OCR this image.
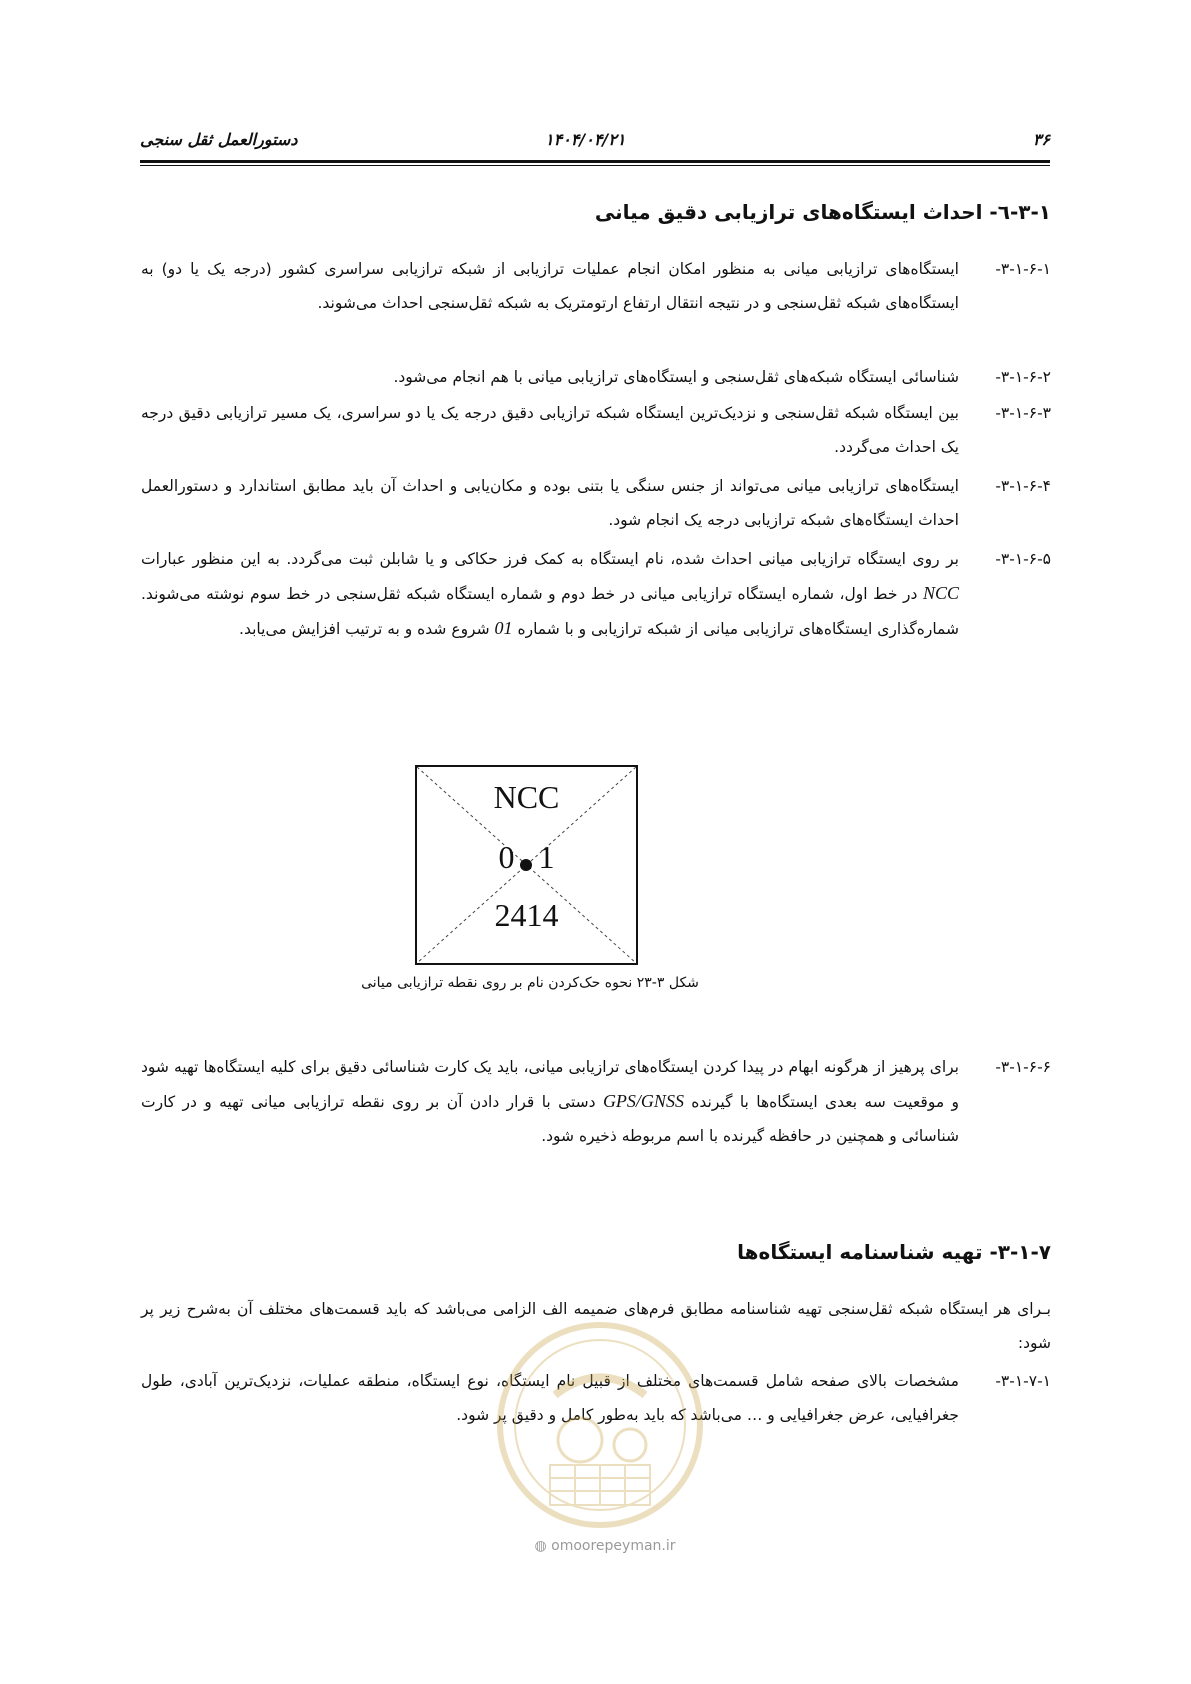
۳۶
۱۴۰۴/۰۴/۲۱
دستورالعمل ثقل سنجی
۳-۱-٦- احداث ایستگاه‌های ترازیابی دقیق میانی
۳-۱-۶-۱-
ایستگاه‌های ترازیابی میانی به منظور امکان انجام عملیات ترازیابی از شبکه ترازیابی سراسری کشور (درجه یک یا دو) به ایستگاه‌های شبکه ثقل‌سنجی و در نتیجه انتقال ارتفاع ارتومتریک به شبکه ثقل‌سنجی احداث می‌شوند.
۳-۱-۶-۲-
شناسائی ایستگاه شبکه‌های ثقل‌سنجی و ایستگاه‌های ترازیابی میانی با هم انجام می‌شود.
۳-۱-۶-۳-
بین ایستگاه شبکه ثقل‌سنجی و نزدیک‌ترین ایستگاه شبکه ترازیابی دقیق درجه یک یا دو سراسری، یک مسیر ترازیابی دقیق درجه یک احداث می‌گردد.
۳-۱-۶-۴-
ایستگاه‌های ترازیابی میانی می‌تواند از جنس سنگی یا بتنی بوده و مکان‌یابی و احداث آن باید مطابق استاندارد و دستورالعمل احداث ایستگاه‌های شبکه ترازیابی درجه یک انجام شود.
۳-۱-۶-۵-
بر روی ایستگاه ترازیابی میانی احداث شده، نام ایستگاه به کمک فرز حکاکی و یا شابلن ثبت می‌گردد. به این منظور عبارات NCC در خط اول، شماره ایستگاه ترازیابی میانی در خط دوم و شماره ایستگاه شبکه ثقل‌سنجی در خط سوم نوشته می‌شوند. شماره‌گذاری ایستگاه‌های ترازیابی میانی از شبکه ترازیابی و با شماره 01 شروع شده و به ترتیب افزایش می‌یابد.
NCC
0 1
2414
شکل ۳-۲۳ نحوه حک‌کردن نام بر روی نقطه ترازیابی میانی
۳-۱-۶-۶-
برای پرهیز از هرگونه ابهام در پیدا کردن ایستگاه‌های ترازیابی میانی، باید یک کارت شناسائی دقیق برای کلیه ایستگاه‌ها تهیه شود و موقعیت سه بعدی ایستگاه‌ها با گیرنده GPS/GNSS دستی با قرار دادن آن بر روی نقطه ترازیابی میانی تهیه و در کارت شناسائی و همچنین در حافظه گیرنده با اسم مربوطه ذخیره شود.
۳-۱-۷- تهیه شناسنامه ایستگاه‌ها
بـرای هر ایستگاه شبکه ثقل‌سنجی تهیه شناسنامه مطابق فرم‌های ضمیمه الف الزامی می‌باشد که باید قسمت‌های مختلف آن به‌شرح زیر پر شود:
۳-۱-۷-۱-
مشخصات بالای صفحه شامل قسمت‌های مختلف از قبیل نام ایستگاه، نوع ایستگاه، منطقه عملیات، نزدیک‌ترین آبادی، طول جغرافیایی، عرض جغرافیایی و … می‌باشد که باید به‌طور کامل و دقیق پر شود.
◍ omoorepeyman.ir
